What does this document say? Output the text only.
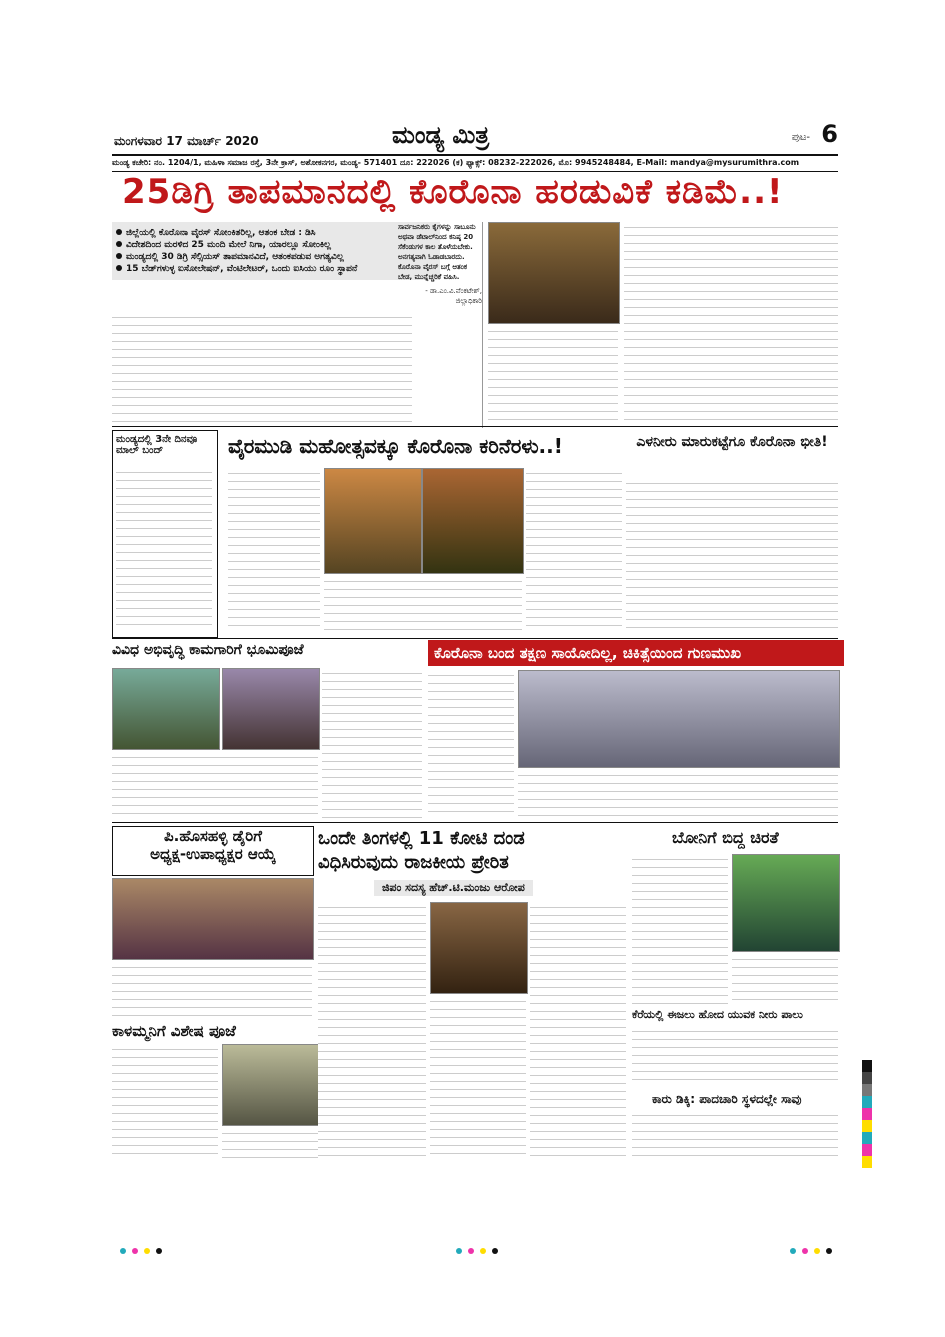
ಮಂಗಳವಾರ 17 ಮಾರ್ಚ್ 2020	ಮಂಡ್ಯ ಮಿತ್ರ	ಪುಟ- 6
ಮಂಡ್ಯ ಕಚೇರಿ: ನಂ. 1204/1, ಮಹಿಳಾ ಸಮಾಜ ರಸ್ತೆ, 3ನೇ ಕ್ರಾಸ್, ಅಶೋಕನಗರ, ಮಂಡ್ಯ- 571401 ದೂ: 222026 (ಕ) ಫ್ಯಾಕ್ಸ್: 08232-222026, ಮೊ: 9945248484, E-Mail: mandya@mysurumithra.com
25ಡಿಗ್ರಿ ತಾಪಮಾನದಲ್ಲಿ ಕೊರೊನಾ ಹರಡುವಿಕೆ ಕಡಿಮೆ..!
ಜಿಲ್ಲೆಯಲ್ಲಿ ಕೊರೊನಾ ವೈರಸ್ ಸೋಂಕಿತರಿಲ್ಲ, ಆತಂಕ ಬೇಡ : ಡಿಸಿ
ವಿದೇಶದಿಂದ ಮರಳಿದ 25 ಮಂದಿ ಮೇಲೆ ನಿಗಾ, ಯಾರಲ್ಲೂ ಸೋಂಕಿಲ್ಲ
ಮಂಡ್ಯದಲ್ಲಿ 30 ಡಿಗ್ರಿ ಸೆಲ್ಸಿಯಸ್ ತಾಪಮಾನವಿದೆ, ಆತಂಕಪಡುವ ಅಗತ್ಯವಿಲ್ಲ
15 ಬೆಡ್‌ಗಳುಳ್ಳ ಐಸೋಲೇಷನ್, ವೆಂಟಿಲೇಟರ್, ಒಂದು ಐಸಿಯು ರೂಂ ಸ್ಥಾಪನೆ
ಸಾರ್ವಜನಿಕರು ಕೈಗಳನ್ನು ಸಾಬೂನು ಅಥವಾ ಡೆಟಾಲ್‌ನಿಂದ ಕನಿಷ್ಠ 20 ಸೆಕೆಂಡುಗಳ ಕಾಲ ತೊಳೆಯಬೇಕು. ಅನಗತ್ಯವಾಗಿ ಓಡಾಡಬಾರದು. ಕೊರೊನಾ ವೈರಸ್ ಬಗ್ಗೆ ಆತಂಕ ಬೇಡ, ಮುನ್ನೆಚ್ಚರಿಕೆ ವಹಿಸಿ.
- ಡಾ.ಎಂ.ವಿ.ವೆಂಕಟೇಶ್, ಜಿಲ್ಲಾಧಿಕಾರಿ
ಮಂಡ್ಯದಲ್ಲಿ 3ನೇ ದಿನವೂ ಮಾಲ್ ಬಂದ್	ವೈರಮುಡಿ ಮಹೋತ್ಸವಕ್ಕೂ ಕೊರೊನಾ ಕರಿನೆರಳು..!	ಎಳನೀರು ಮಾರುಕಟ್ಟೆಗೂ ಕೊರೊನಾ ಭೀತಿ!
ವಿವಿಧ ಅಭಿವೃದ್ಧಿ ಕಾಮಗಾರಿಗೆ ಭೂಮಿಪೂಜೆ	ಕೊರೊನಾ ಬಂದ ತಕ್ಷಣ ಸಾಯೋದಿಲ್ಲ, ಚಿಕಿತ್ಸೆಯಿಂದ ಗುಣಮುಖ
ಪಿ.ಹೊಸಹಳ್ಳಿ ಡೈರಿಗೆ
ಅಧ್ಯಕ್ಷ-ಉಪಾಧ್ಯಕ್ಷರ ಆಯ್ಕೆ
ಕಾಳಮ್ಮನಿಗೆ ವಿಶೇಷ ಪೂಜೆ
ಒಂದೇ ತಿಂಗಳಲ್ಲಿ 11 ಕೋಟಿ ದಂಡ
ವಿಧಿಸಿರುವುದು ರಾಜಕೀಯ ಪ್ರೇರಿತ
ಜಿಪಂ ಸದಸ್ಯ ಹೆಚ್.ಟಿ.ಮಂಜು ಆರೋಪ
ಬೋನಿಗೆ ಬಿದ್ದ ಚಿರತೆ
ಕೆರೆಯಲ್ಲಿ ಈಜಲು ಹೋದ ಯುವಕ ನೀರು ಪಾಲು
ಕಾರು ಡಿಕ್ಕಿ: ಪಾದಚಾರಿ ಸ್ಥಳದಲ್ಲೇ ಸಾವು
